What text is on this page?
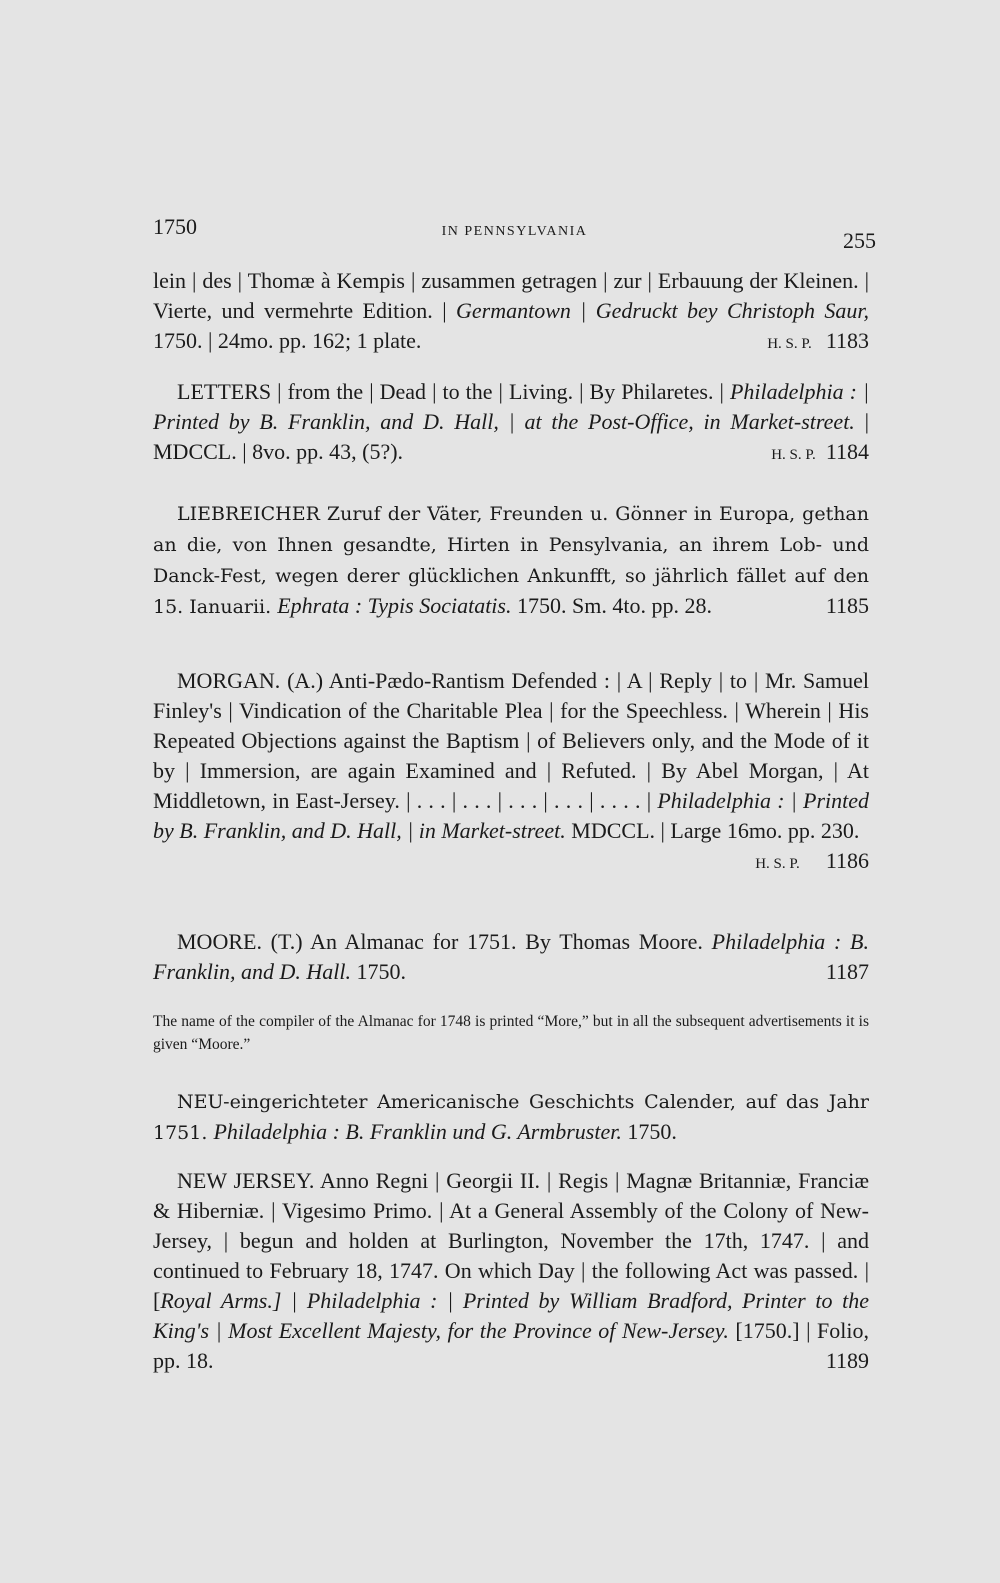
1750	IN PENNSYLVANIA	255
lein | des | Thomæ à Kempis | zusammen getragen | zur | Erbauung der Kleinen. | Vierte, und vermehrte Edition. | Germantown | Gedruckt bey Christoph Saur, 1750. | 24mo. pp. 162; 1 plate.	H. S. P. 1183
LETTERS | from the | Dead | to the | Living. | By Philaretes. | Philadelphia : | Printed by B. Franklin, and D. Hall, | at the Post-Office, in Market-street. | MDCCL. | 8vo. pp. 43, (5?).	H. S. P. 1184
LIEBREICHER Zuruf der Väter, Freunden u. Gönner in Europa, gethan an die, von Ihnen gesandte, Hirten in Pensylvania, an ihrem Lob- und Danck-Fest, wegen derer glücklichen Ankunfft, so jährlich fället auf den 15. Ianuarii. Ephrata : Typis Sociatatis. 1750. Sm. 4to. pp. 28.	1185
MORGAN. (A.) Anti-Pædo-Rantism Defended : | A | Reply | to | Mr. Samuel Finley's | Vindication of the Charitable Plea | for the Speechless. | Wherein | His Repeated Objections against the Baptism | of Believers only, and the Mode of it by | Immersion, are again Examined and | Refuted. | By Abel Morgan, | At Middletown, in East-Jersey. | . . . | . . . | . . . | . . . | . . . . | Philadelphia : | Printed by B. Franklin, and D. Hall, | in Market-street. MDCCL. | Large 16mo. pp. 230.
H. S. P. 1186
MOORE. (T.) An Almanac for 1751. By Thomas Moore. Philadelphia : B. Franklin, and D. Hall. 1750.	1187
The name of the compiler of the Almanac for 1748 is printed “More,” but in all the subsequent advertisements it is given “Moore.”
NEU-eingerichteter Americanische Geschichts Calender, auf das Jahr 1751. Philadelphia : B. Franklin und G. Armbruster. 1750.
NEW JERSEY. Anno Regni | Georgii II. | Regis | Magnæ Britanniæ, Franciæ & Hiberniæ. | Vigesimo Primo. | At a General Assembly of the Colony of New-Jersey, | begun and holden at Burlington, November the 17th, 1747. | and continued to February 18, 1747. On which Day | the following Act was passed. | [Royal Arms.] | Philadelphia : | Printed by William Bradford, Printer to the King's | Most Excellent Majesty, for the Province of New-Jersey. [1750.] | Folio, pp. 18.	1189
